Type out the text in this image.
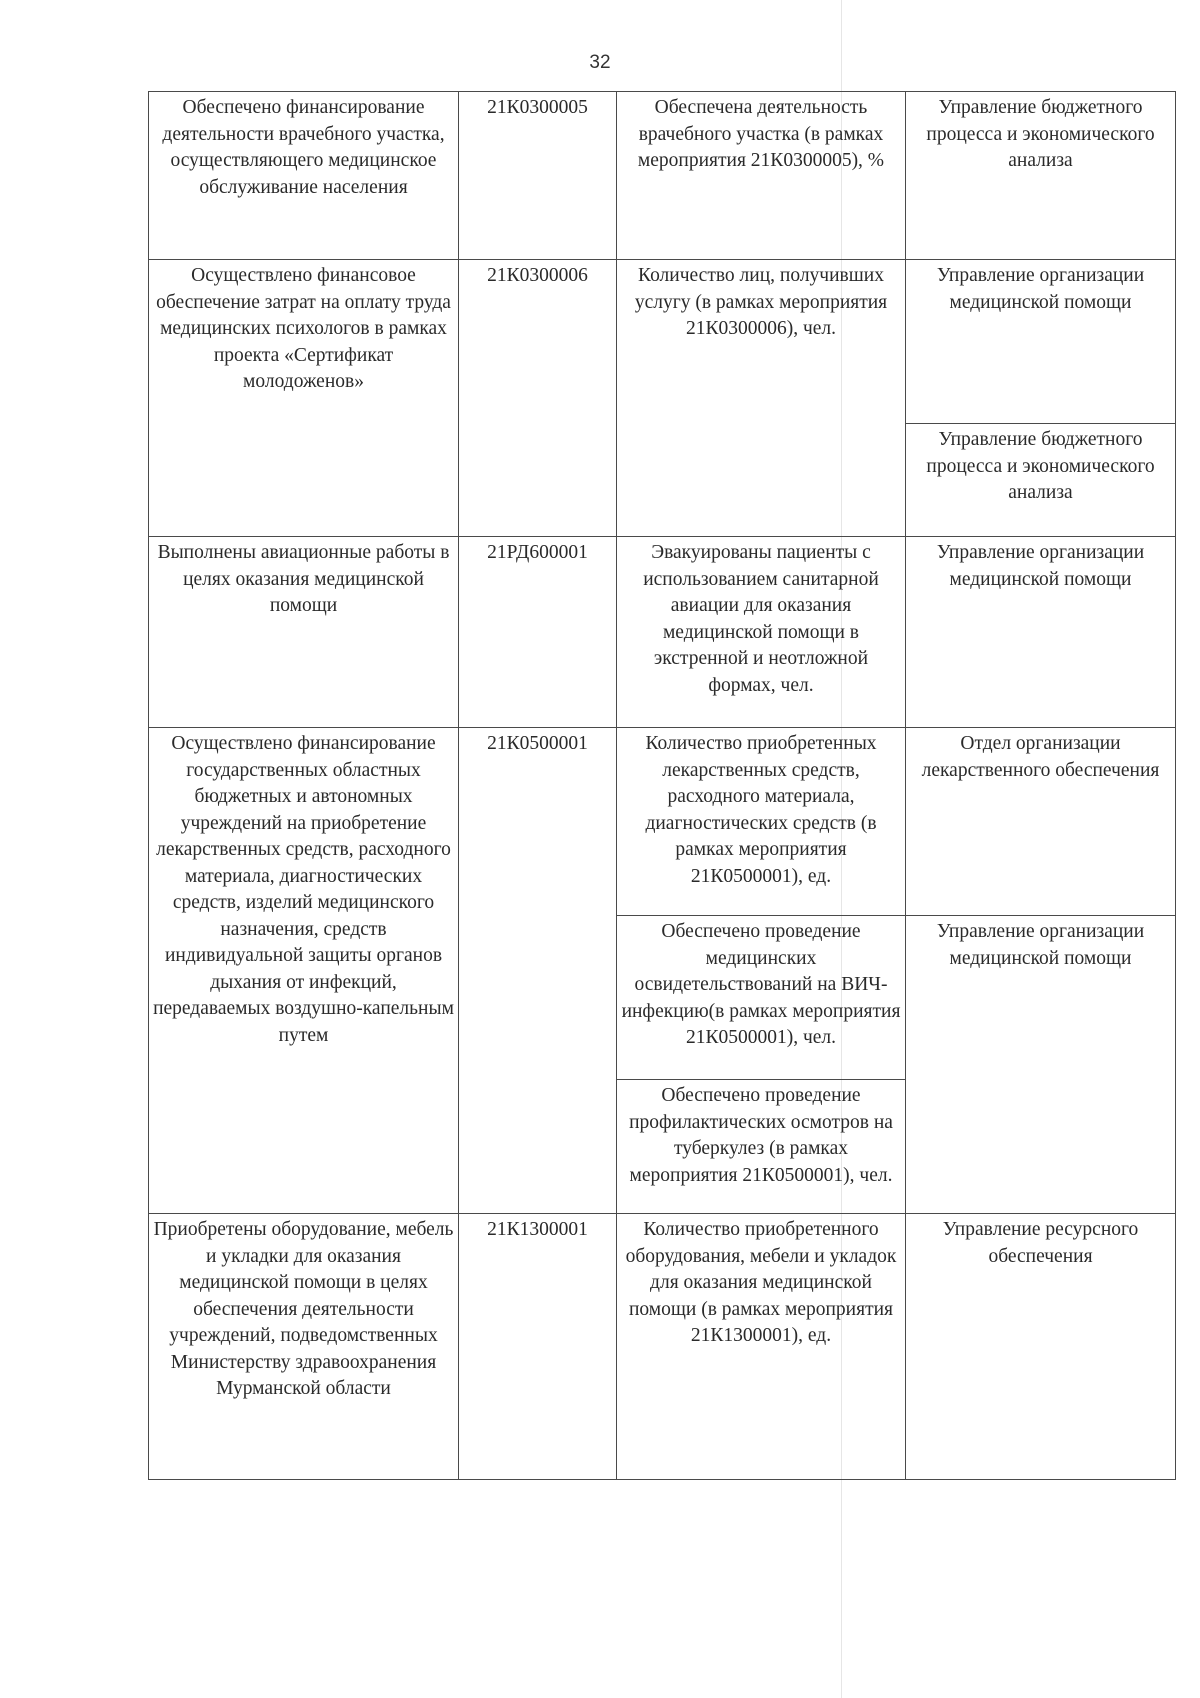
32
Обеспечено финансирование деятельности врачебного участка, осуществляющего медицинское обслуживание населения	21К0300005	Обеспечена деятельность врачебного участка (в рамках мероприятия 21К0300005), %	Управление бюджетного процесса и экономического анализа
Осуществлено финансовое обеспечение затрат на оплату труда медицинских психологов в рамках проекта «Сертификат молодоженов»	21К0300006	Количество лиц, получивших услугу (в рамках мероприятия 21К0300006), чел.	Управление организации медицинской помощи
			Управление бюджетного процесса и экономического анализа
Выполнены авиационные работы в целях оказания медицинской помощи	21РД600001	Эвакуированы пациенты с использованием санитарной авиации для оказания медицинской помощи в экстренной и неотложной формах, чел.	Управление организации медицинской помощи
Осуществлено финансирование государственных областных бюджетных и автономных учреждений на приобретение лекарственных средств, расходного материала, диагностических средств, изделий медицинского назначения, средств индивидуальной защиты органов дыхания от инфекций, передаваемых воздушно-капельным путем	21К0500001	Количество приобретенных лекарственных средств, расходного материала, диагностических средств (в рамках мероприятия 21К0500001), ед.	Отдел организации лекарственного обеспечения
		Обеспечено проведение медицинских освидетельствований на ВИЧ-инфекцию(в рамках мероприятия 21К0500001), чел.	Управление организации медицинской помощи
		Обеспечено проведение профилактических осмотров на туберкулез (в рамках мероприятия 21К0500001), чел.	
Приобретены оборудование, мебель и укладки для оказания медицинской помощи в целях обеспечения деятельности учреждений, подведомственных Министерству здравоохранения Мурманской области	21К1300001	Количество приобретенного оборудования, мебели и укладок для оказания медицинской помощи (в рамках мероприятия 21К1300001), ед.	Управление ресурсного обеспечения
